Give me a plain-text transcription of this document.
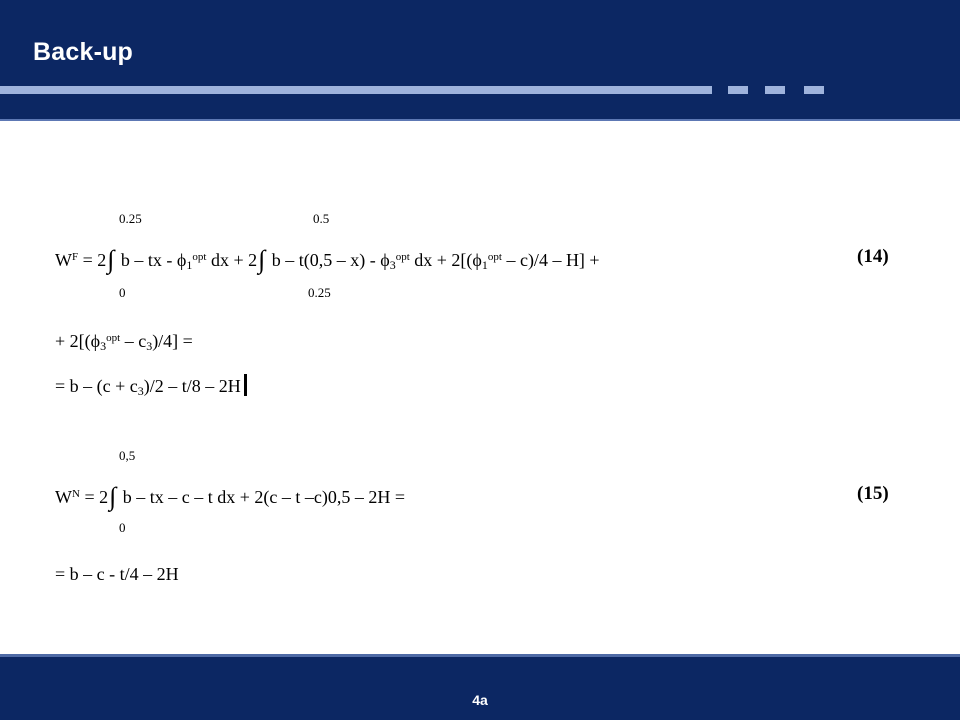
Back-up
0.25
0
0.5
0.25
$W^F = 2\int$ b – tx - $\phi_1^{opt}$ dx + 2∫ b – $t(0,5 - x) - \phi_3^{opt}$ dx + $2[(\phi_1^{opt} - c)/4 - H]$ +	(14)
+ $2[(\phi_3^{opt} - c_3)/4]$ =
= $b - (c + c_3)/2 - t/8 - 2H$
0,5
0
$W^N = 2\int$ b – tx – c – t dx + 2(c – t –c)0,5 – 2H =	(15)
= b – c - t/4 – 2H
4a
